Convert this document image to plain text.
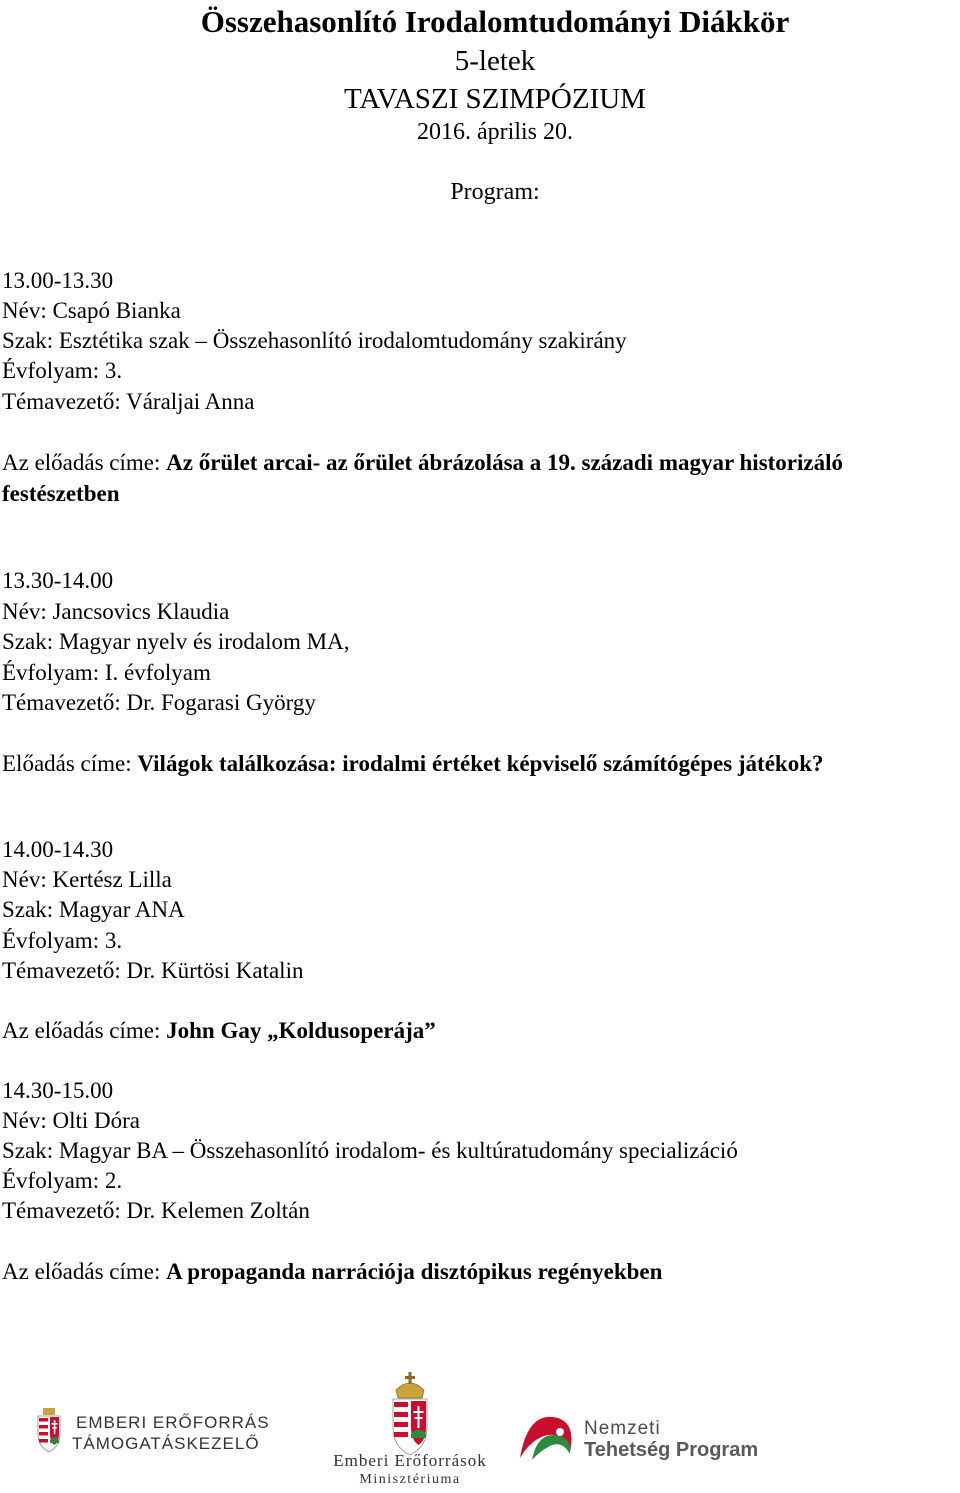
Összehasonlító Irodalomtudományi Diákkör
5-letek
TAVASZI SZIMPÓZIUM
2016. április 20.
Program:
13.00-13.30
Név: Csapó Bianka
Szak: Esztétika szak – Összehasonlító irodalomtudomány szakirány
Évfolyam: 3.
Témavezető: Váraljai Anna
Az előadás címe: Az őrület arcai- az őrület ábrázolása a 19. századi magyar historizáló
festészetben
13.30-14.00
Név: Jancsovics Klaudia
Szak: Magyar nyelv és irodalom MA,
Évfolyam: I. évfolyam
Témavezető: Dr. Fogarasi György
Előadás címe: Világok találkozása: irodalmi értéket képviselő számítógépes játékok?
14.00-14.30
Név: Kertész Lilla
Szak: Magyar ANA
Évfolyam: 3.
Témavezető: Dr. Kürtösi Katalin
Az előadás címe: John Gay „Koldusoperája”
14.30-15.00
Név: Olti Dóra
Szak: Magyar BA – Összehasonlító irodalom- és kultúratudomány specializáció
Évfolyam: 2.
Témavezető: Dr. Kelemen Zoltán
Az előadás címe: A propaganda narrációja disztópikus regényekben
EMBERI ERŐFORRÁS
TÁMOGATÁSKEZELŐ
Emberi Erőforrások
Minisztériuma
Nemzeti
Tehetség Program
